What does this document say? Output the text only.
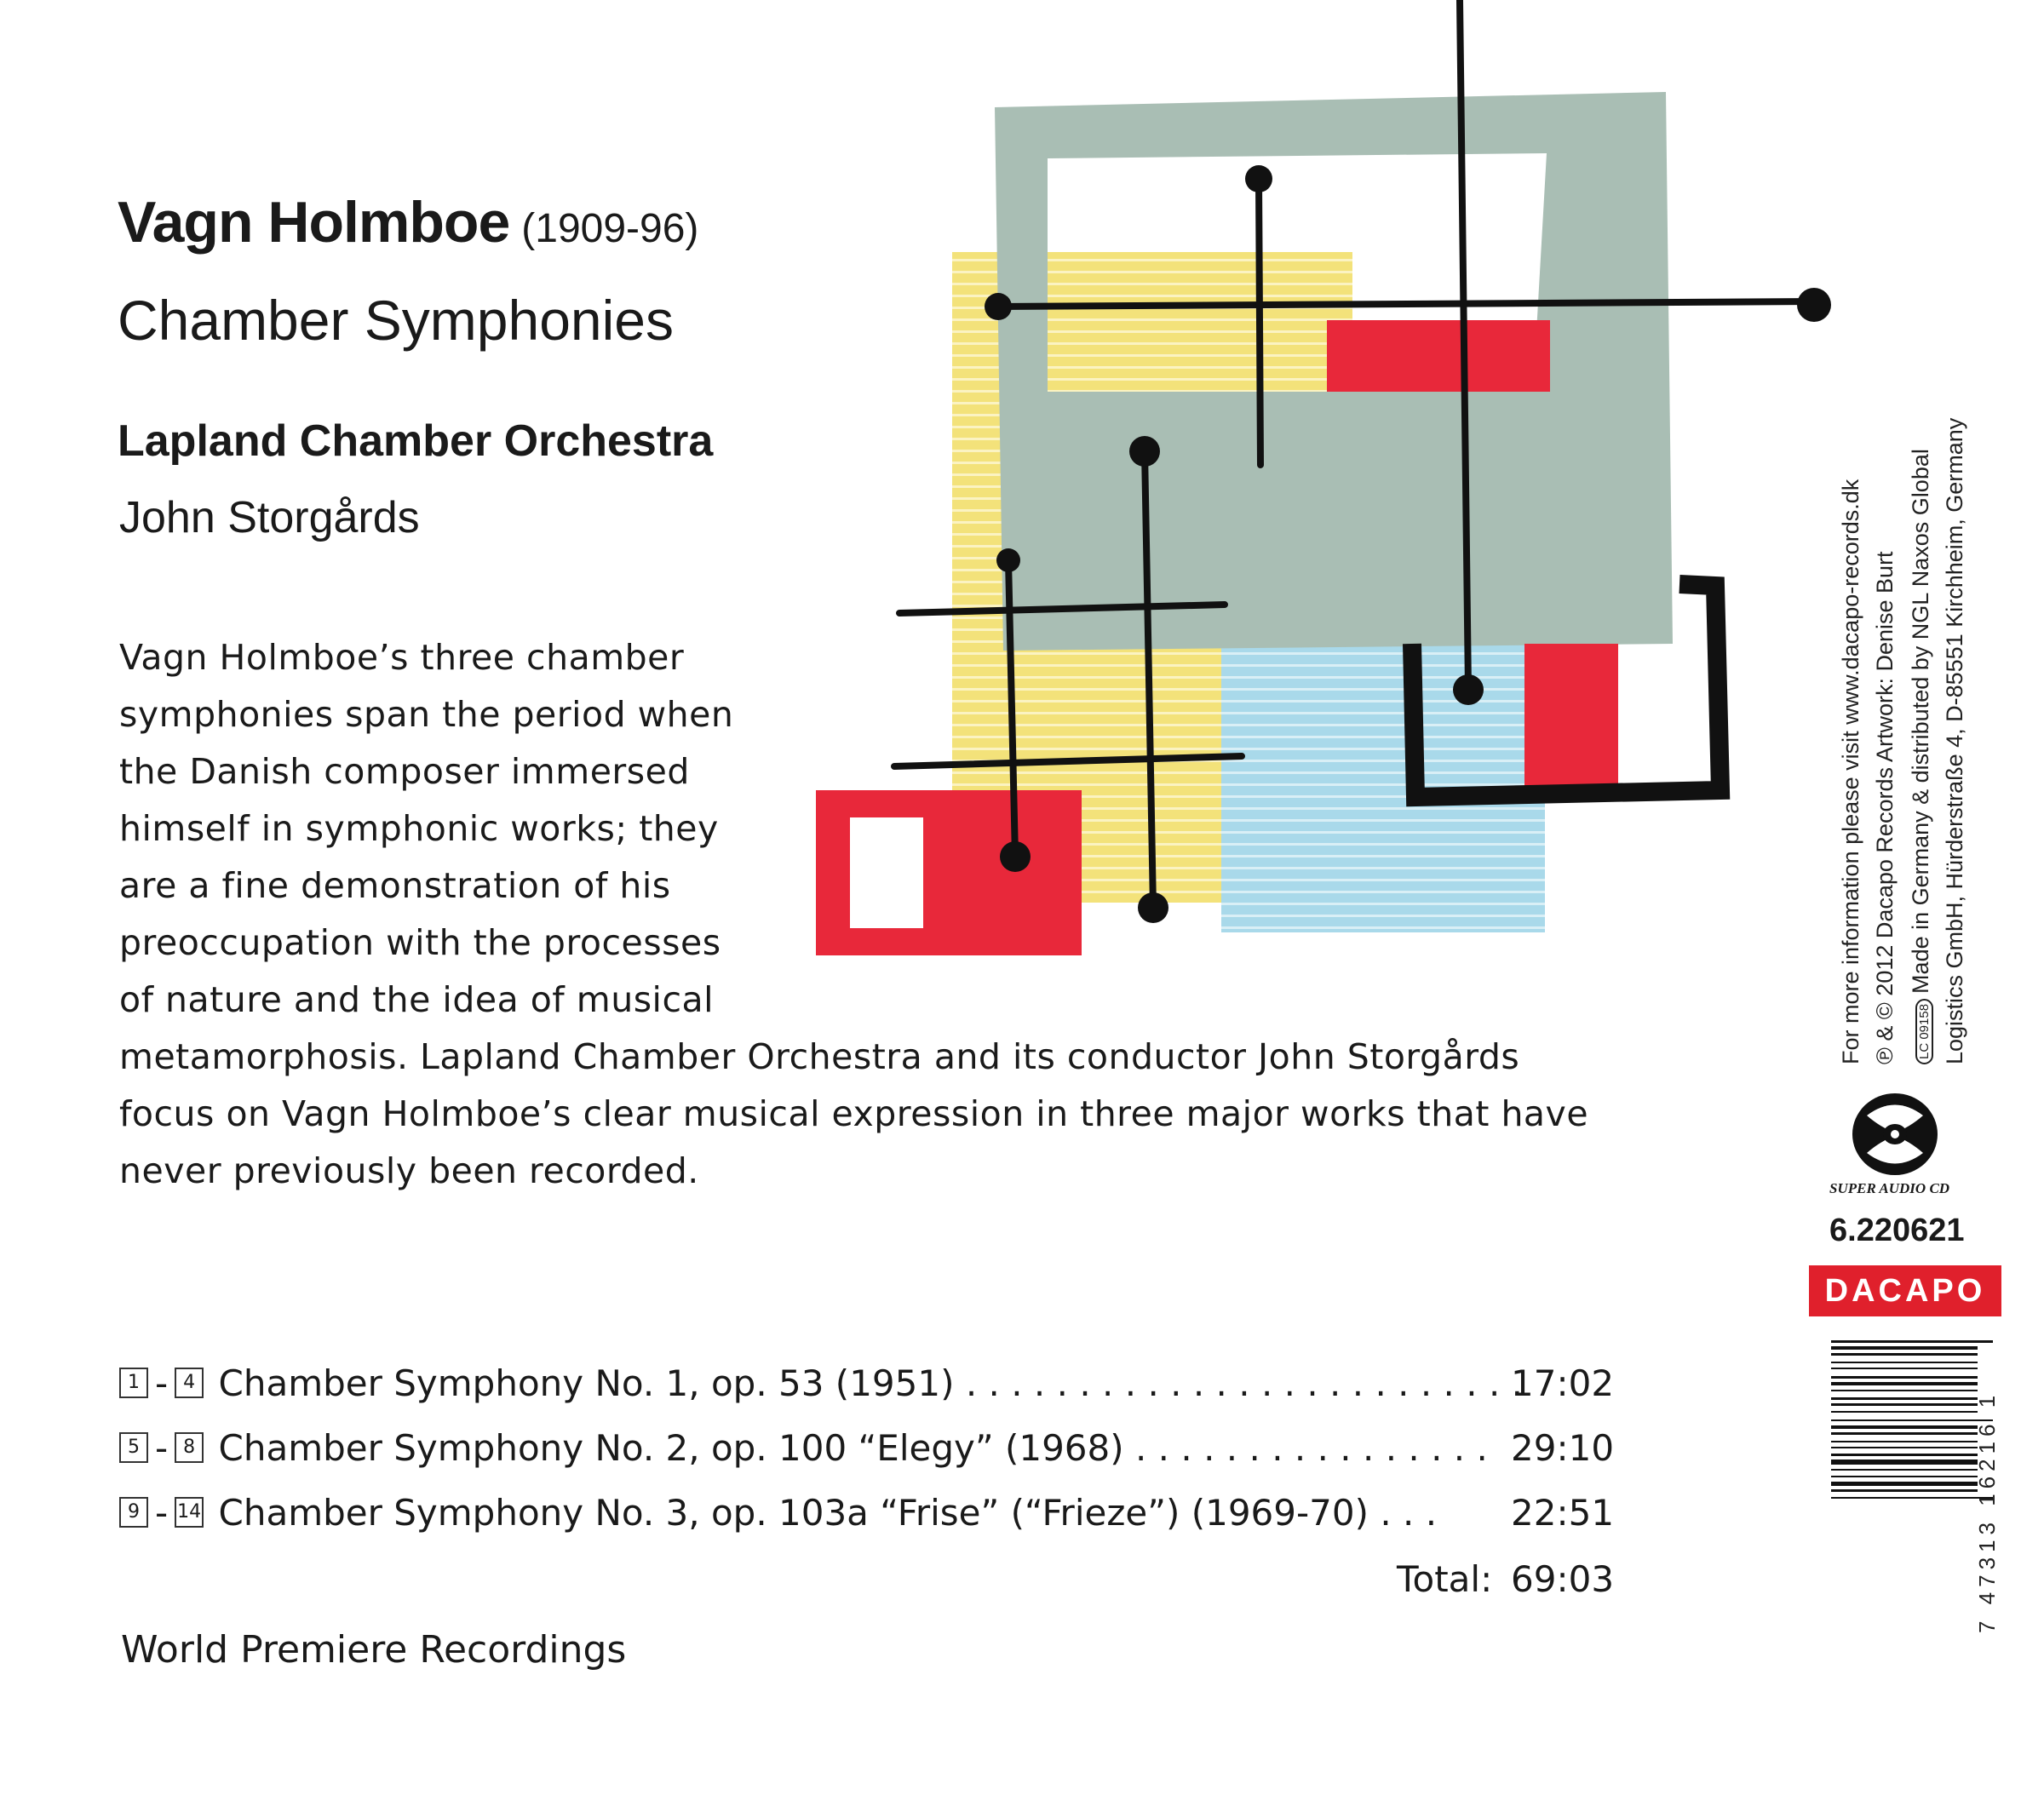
Vagn Holmboe (1909-96)
Chamber Symphonies
Lapland Chamber Orchestra
John Storgårds
Vagn Holmboe’s three chamber
symphonies span the period when
the Danish composer immersed
himself in symphonic works; they
are a fine demonstration of his
preoccupation with the processes
of nature and the idea of musical
metamorphosis. Lapland Chamber Orchestra and its conductor John Storgårds
focus on Vagn Holmboe’s clear musical expression in three major works that have
never previously been recorded.
1 - 4 Chamber Symphony No. 1, op. 53 (1951) . . . . . . . . . . . . . . . . . . . . . . . . .
17:02
5 - 8 Chamber Symphony No. 2, op. 100 “Elegy” (1968) . . . . . . . . . . . . . . . . 29:10
9 - 14 Chamber Symphony No. 3, op. 103a “Frise” (“Frieze”) (1969-70) . . . 22:51
Total: 69:03
World Premiere Recordings
For more information please visit www.dacapo-records.dk ℗ & © 2012 Dacapo Records Artwork: Denise Burt	LC 09158Made in Germany & distributed by NGL Naxos Global Logistics GmbH, Hürderstraße 4, D-85551 Kirchheim, Germany
SUPER AUDIO CD
6.220621
DACAPO
7 47313 16216 1
